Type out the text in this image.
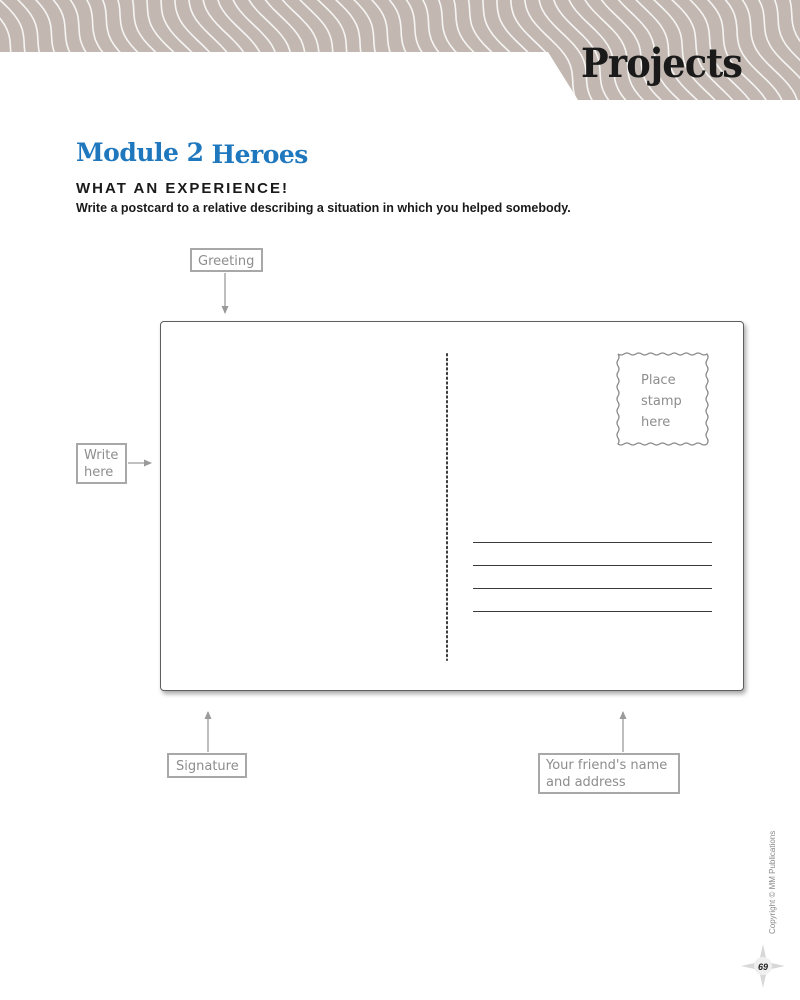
Projects
Module 2 Heroes
WHAT AN EXPERIENCE!
Write a postcard to a relative describing a situation in which you helped somebody.
Greeting
Write
here
Signature	Your friend's name
and address
Place
stamp
here
Copyright © MM Publications
69
